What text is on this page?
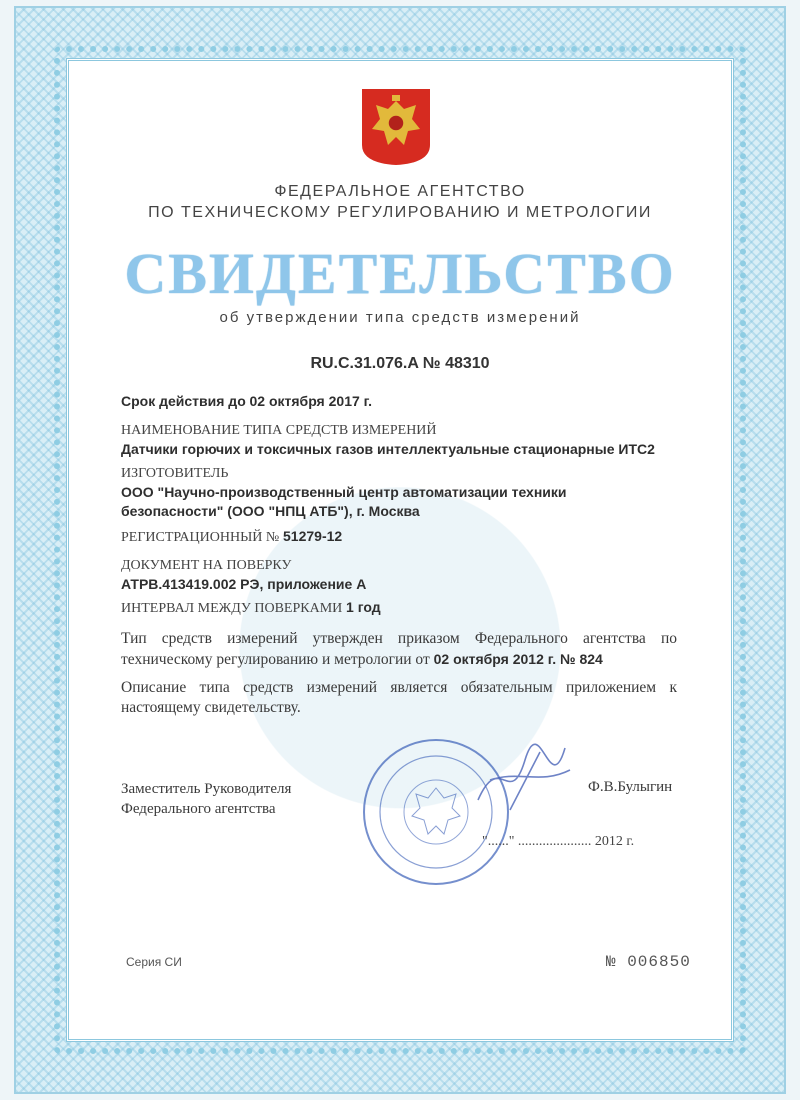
ФЕДЕРАЛЬНОЕ АГЕНТСТВО
ПО ТЕХНИЧЕСКОМУ РЕГУЛИРОВАНИЮ И МЕТРОЛОГИИ
СВИДЕТЕЛЬСТВО
об утверждении типа средств измерений
RU.C.31.076.A № 48310
Срок действия до 02 октября 2017 г.
НАИМЕНОВАНИЕ ТИПА СРЕДСТВ ИЗМЕРЕНИЙ
Датчики горючих и токсичных газов интеллектуальные стационарные ИТС2
ИЗГОТОВИТЕЛЬ
ООО "Научно-производственный центр автоматизации техники
безопасности" (ООО "НПЦ АТБ"), г. Москва
РЕГИСТРАЦИОННЫЙ № 51279-12
ДОКУМЕНТ НА ПОВЕРКУ
АТРВ.413419.002 РЭ, приложение А
ИНТЕРВАЛ МЕЖДУ ПОВЕРКАМИ 1 год
Тип средств измерений утвержден приказом Федерального агентства по техническому регулированию и метрологии от 02 октября 2012 г. № 824
Описание типа средств измерений является обязательным приложением к настоящему свидетельству.
Заместитель Руководителя
Федерального агентства
Ф.В.Булыгин
"......" ..................... 2012 г.
Серия СИ	№ 006850
